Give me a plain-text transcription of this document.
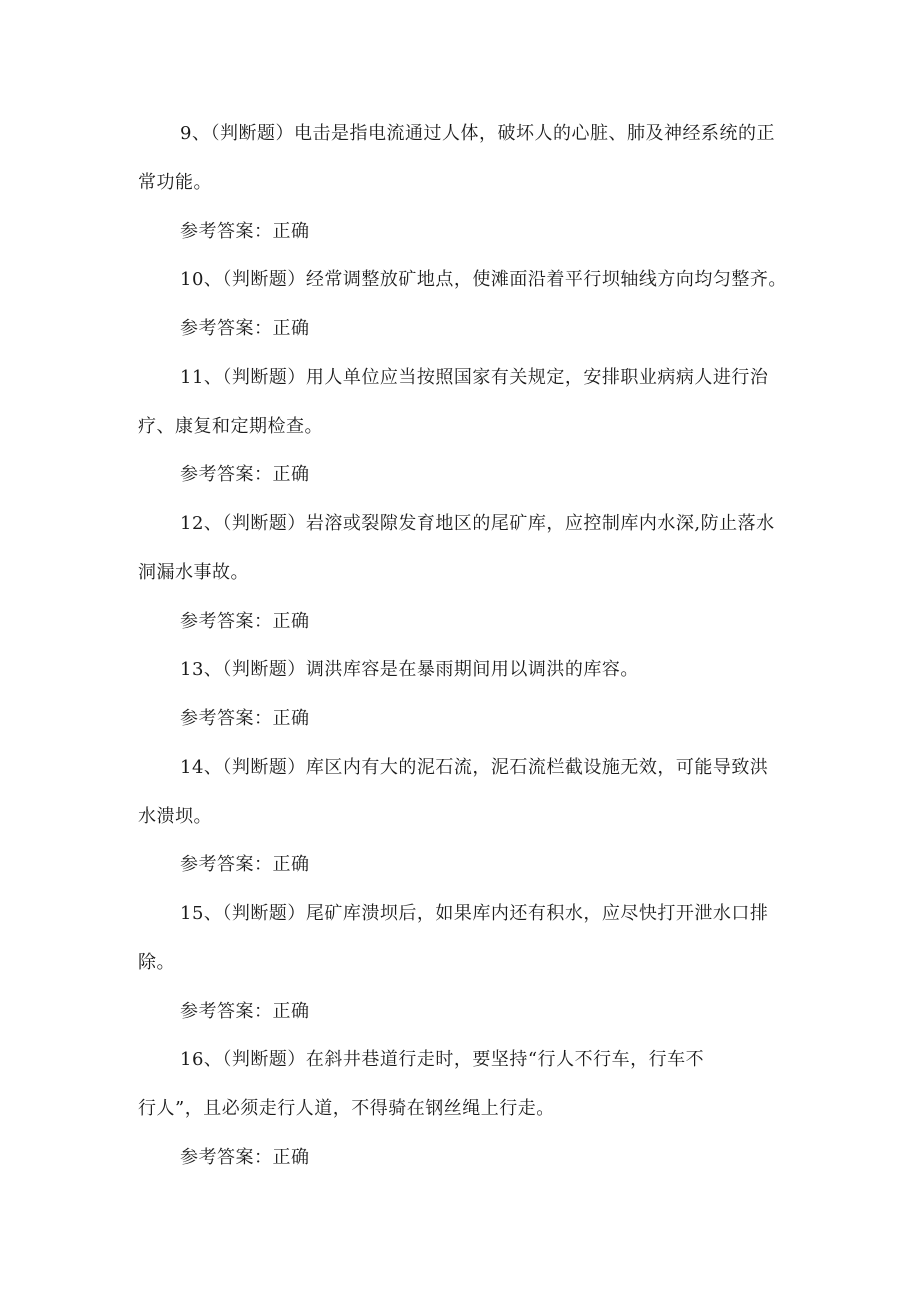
9、（判断题）电击是指电流通过人体，破坏人的心脏、肺及神经系统的正
常功能。
参考答案：正确
10、（判断题）经常调整放矿地点，使滩面沿着平行坝轴线方向均匀整齐。
参考答案：正确
11、（判断题）用人单位应当按照国家有关规定，安排职业病病人进行治
疗、康复和定期检查。
参考答案：正确
12、（判断题）岩溶或裂隙发育地区的尾矿库，应控制库内水深,防止落水
洞漏水事故。
参考答案：正确
13、（判断题）调洪库容是在暴雨期间用以调洪的库容。
参考答案：正确
14、（判断题）库区内有大的泥石流，泥石流栏截设施无效，可能导致洪
水溃坝。
参考答案：正确
15、（判断题）尾矿库溃坝后，如果库内还有积水，应尽快打开泄水口排
除。
参考答案：正确
16、（判断题）在斜井巷道行走时，要坚持“行人不行车，行车不
行人”，且必须走行人道，不得骑在钢丝绳上行走。
参考答案：正确
